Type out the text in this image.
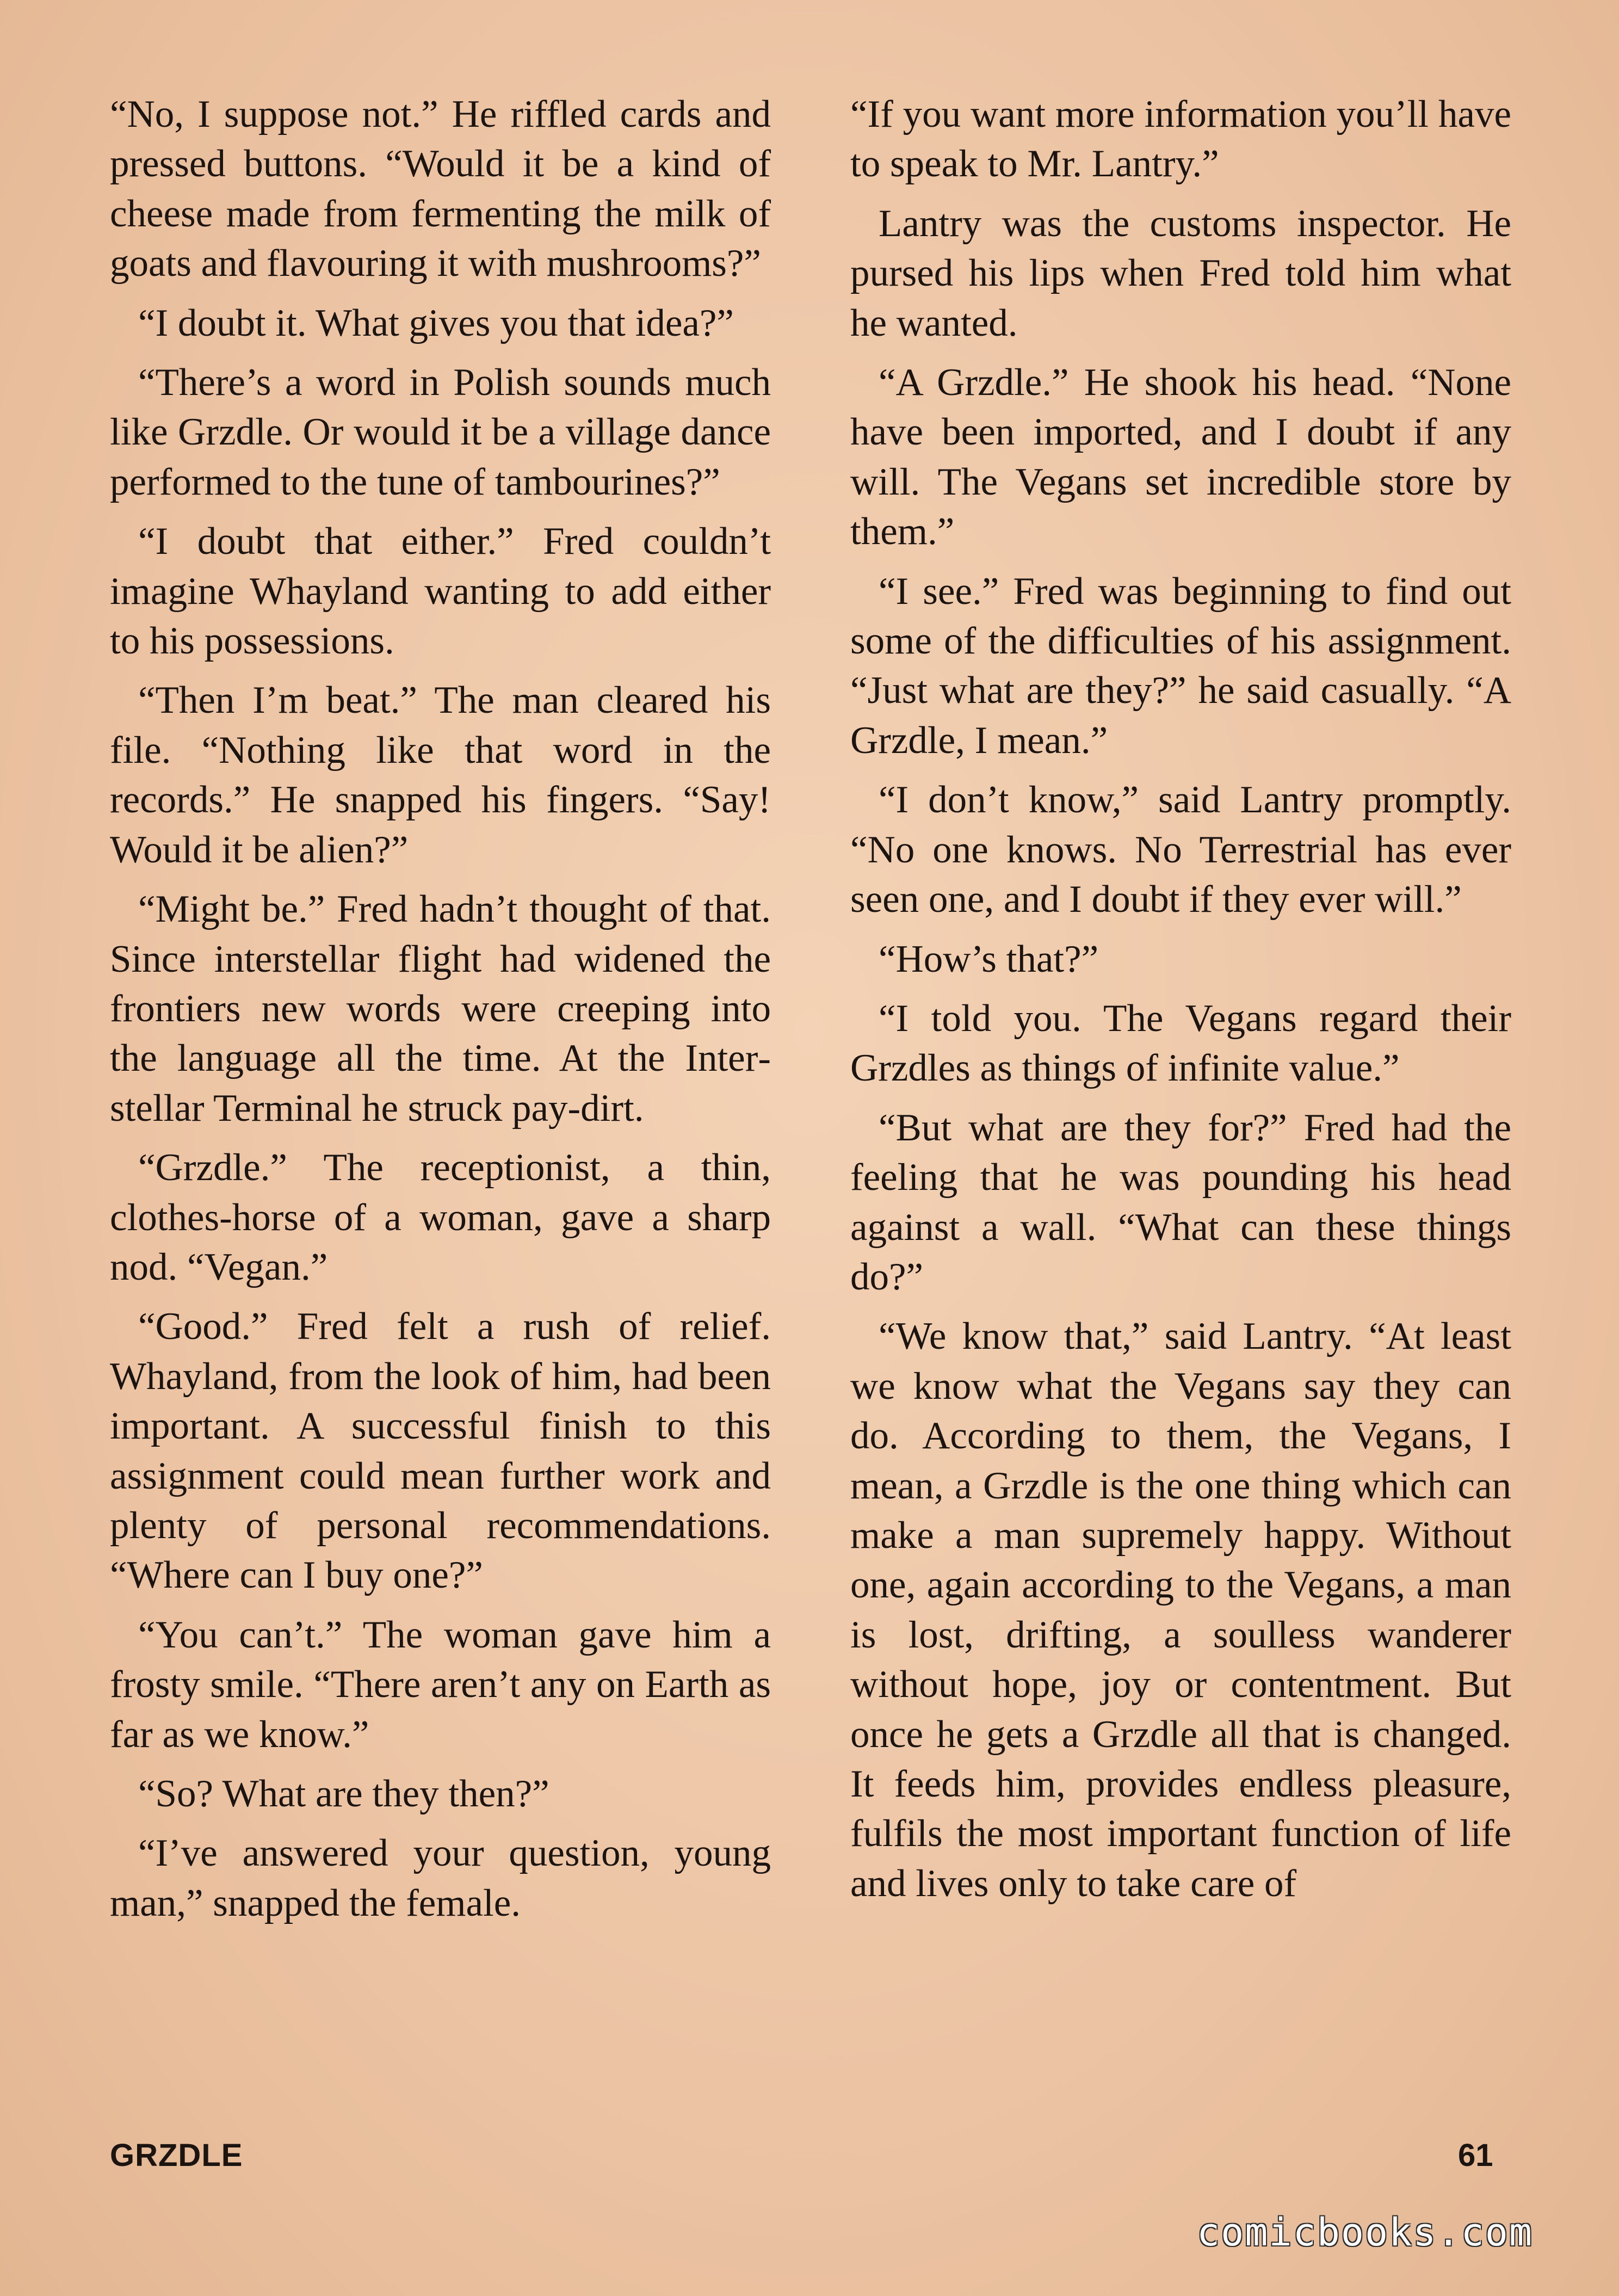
“No, I suppose not.” He riffled cards and pressed buttons. “Would it be a kind of cheese made from fermenting the milk of goats and flavouring it with mushrooms?”

“I doubt it. What gives you that idea?”

“There’s a word in Polish sounds much like Grzdle. Or would it be a village dance performed to the tune of tambourines?”

“I doubt that either.” Fred couldn’t imagine Whayland wanting to add either to his possessions.

“Then I’m beat.” The man cleared his file. “Nothing like that word in the records.” He snapped his fingers. “Say! Would it be alien?”

“Might be.” Fred hadn’t thought of that. Since interstellar flight had widened the frontiers new words were creeping into the language all the time. At the Interstellar Terminal he struck pay-dirt.

“Grzdle.” The receptionist, a thin, clothes-horse of a woman, gave a sharp nod. “Vegan.”

“Good.” Fred felt a rush of relief. Whayland, from the look of him, had been important. A successful finish to this assignment could mean further work and plenty of personal recommendations. “Where can I buy one?”

“You can’t.” The woman gave him a frosty smile. “There aren’t any on Earth as far as we know.”

“So? What are they then?”

“I’ve answered your question, young man,” snapped the female.

“If you want more information you’ll have to speak to Mr. Lantry.”

Lantry was the customs inspector. He pursed his lips when Fred told him what he wanted.

“A Grzdle.” He shook his head. “None have been imported, and I doubt if any will. The Vegans set incredible store by them.”

“I see.” Fred was beginning to find out some of the difficulties of his assignment. “Just what are they?” he said casually. “A Grzdle, I mean.”

“I don’t know,” said Lantry promptly. “No one knows. No Terrestrial has ever seen one, and I doubt if they ever will.”

“How’s that?”

“I told you. The Vegans regard their Grzdles as things of infinite value.”

“But what are they for?” Fred had the feeling that he was pounding his head against a wall. “What can these things do?”

“We know that,” said Lantry. “At least we know what the Vegans say they can do. According to them, the Vegans, I mean, a Grzdle is the one thing which can make a man supremely happy. Without one, again according to the Vegans, a man is lost, drifting, a soulless wanderer without hope, joy or contentment. But once he gets a Grzdle all that is changed. It feeds him, provides endless pleasure, fulfils the most important function of life and lives only to take care of

GRZDLE	61
comicbooks.com
